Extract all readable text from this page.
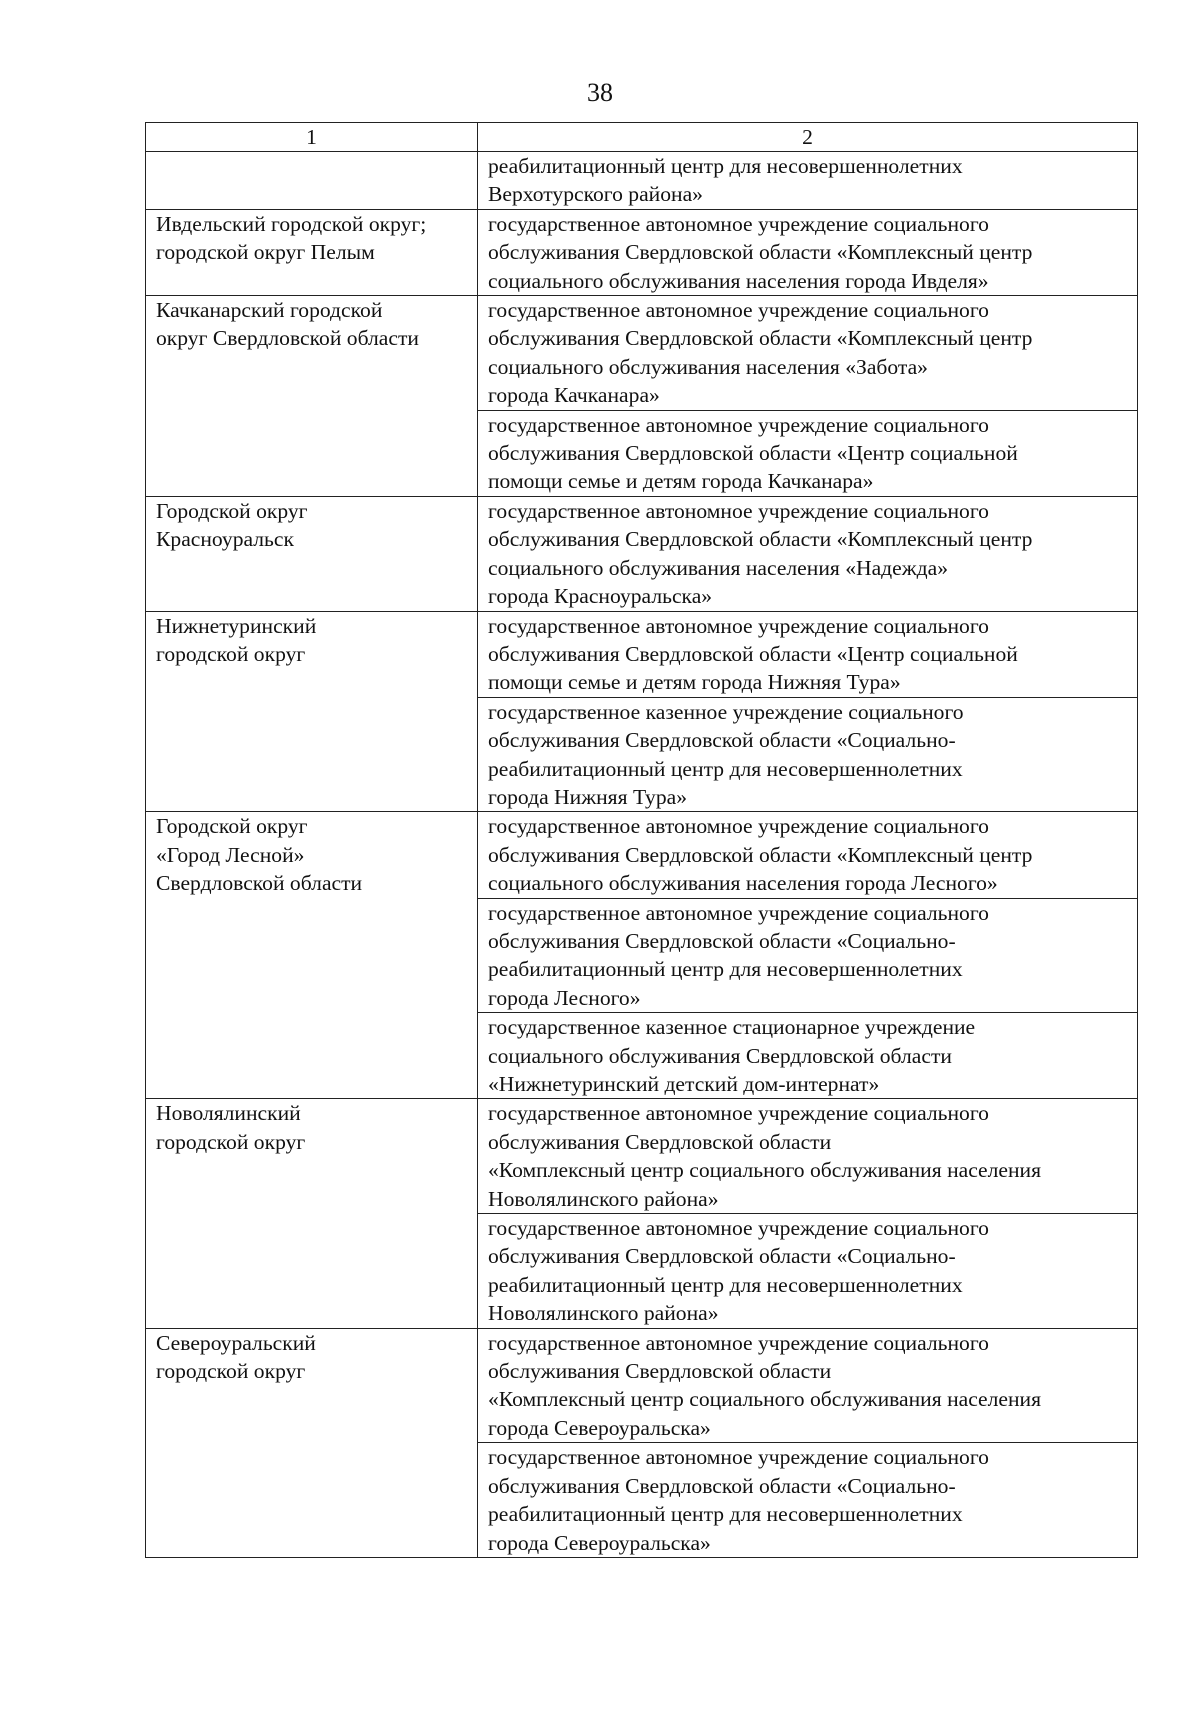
38
1	2

	реабилитационный центр для несовершеннолетних
Верхотурского района»

Ивдельский городской округ;
городской округ Пелым	государственное автономное учреждение социального
обслуживания Свердловской области «Комплексный центр
социального обслуживания населения города Ивделя»

Качканарский городской
округ Свердловской области	государственное автономное учреждение социального
обслуживания Свердловской области «Комплексный центр
социального обслуживания населения «Забота»
города Качканара»

	государственное автономное учреждение социального
обслуживания Свердловской области «Центр социальной
помощи семье и детям города Качканара»

Городской округ
Красноуральск	государственное автономное учреждение социального
обслуживания Свердловской области «Комплексный центр
социального обслуживания населения «Надежда»
города Красноуральска»

Нижнетуринский
городской округ	государственное автономное учреждение социального
обслуживания Свердловской области «Центр социальной
помощи семье и детям города Нижняя Тура»

	государственное казенное учреждение социального
обслуживания Свердловской области «Социально-
реабилитационный центр для несовершеннолетних
города Нижняя Тура»

Городской округ
«Город Лесной»
Свердловской области	государственное автономное учреждение социального
обслуживания Свердловской области «Комплексный центр
социального обслуживания населения города Лесного»

	государственное автономное учреждение социального
обслуживания Свердловской области «Социально-
реабилитационный центр для несовершеннолетних
города Лесного»

	государственное казенное стационарное учреждение
социального обслуживания Свердловской области
«Нижнетуринский детский дом-интернат»

Новолялинский
городской округ	государственное автономное учреждение социального
обслуживания Свердловской области
«Комплексный центр социального обслуживания населения
Новолялинского района»

	государственное автономное учреждение социального
обслуживания Свердловской области «Социально-
реабилитационный центр для несовершеннолетних
Новолялинского района»

Североуральский
городской округ	государственное автономное учреждение социального
обслуживания Свердловской области
«Комплексный центр социального обслуживания населения
города Североуральска»

	государственное автономное учреждение социального
обслуживания Свердловской области «Социально-
реабилитационный центр для несовершеннолетних
города Североуральска»
